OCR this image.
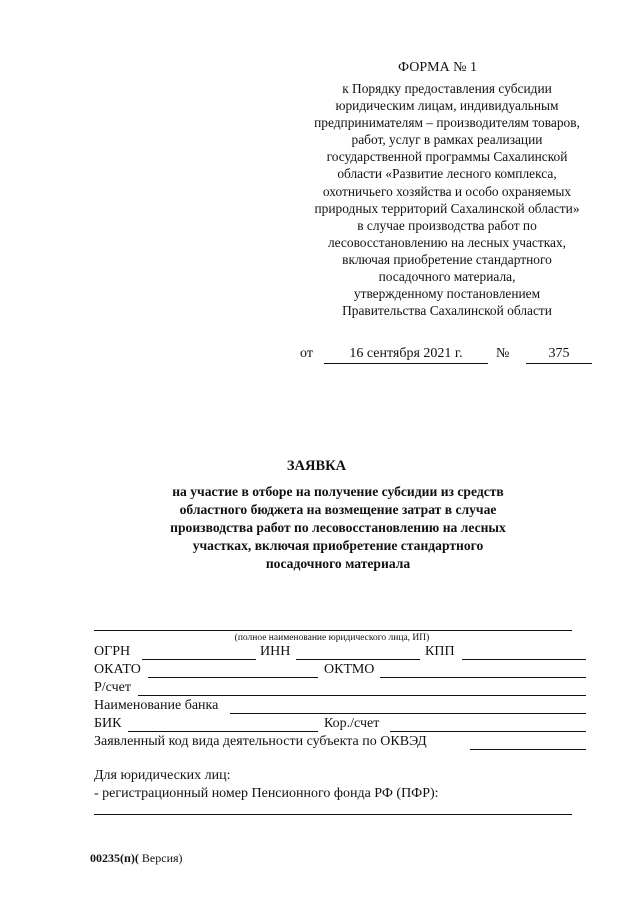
ФОРМА № 1
к Порядку предоставления субсидии
юридическим лицам, индивидуальным
предпринимателям – производителям товаров,
работ, услуг в рамках реализации
государственной программы Сахалинской
области «Развитие лесного комплекса,
охотничьего хозяйства и особо охраняемых
природных территорий Сахалинской области»
в случае производства работ по
лесовосстановлению на лесных участках,
включая приобретение стандартного
посадочного материала,
утвержденному постановлением
Правительства Сахалинской области
от	16 сентября 2021 г.	№	375
ЗАЯВКА
на участие в отборе на получение субсидии из средств
областного бюджета на возмещение затрат в случае
производства работ по лесовосстановлению на лесных
участках, включая приобретение стандартного
посадочного материала
(полное наименование юридического лица, ИП)
ОГРН	ИНН	КПП
ОКАТО	ОКТМО
Р/счет
Наименование банка
БИК	Кор./счет
Заявленный код вида деятельности субъекта по ОКВЭД
Для юридических лиц:
- регистрационный номер Пенсионного фонда РФ (ПФР):
00235(п)( Версия)
